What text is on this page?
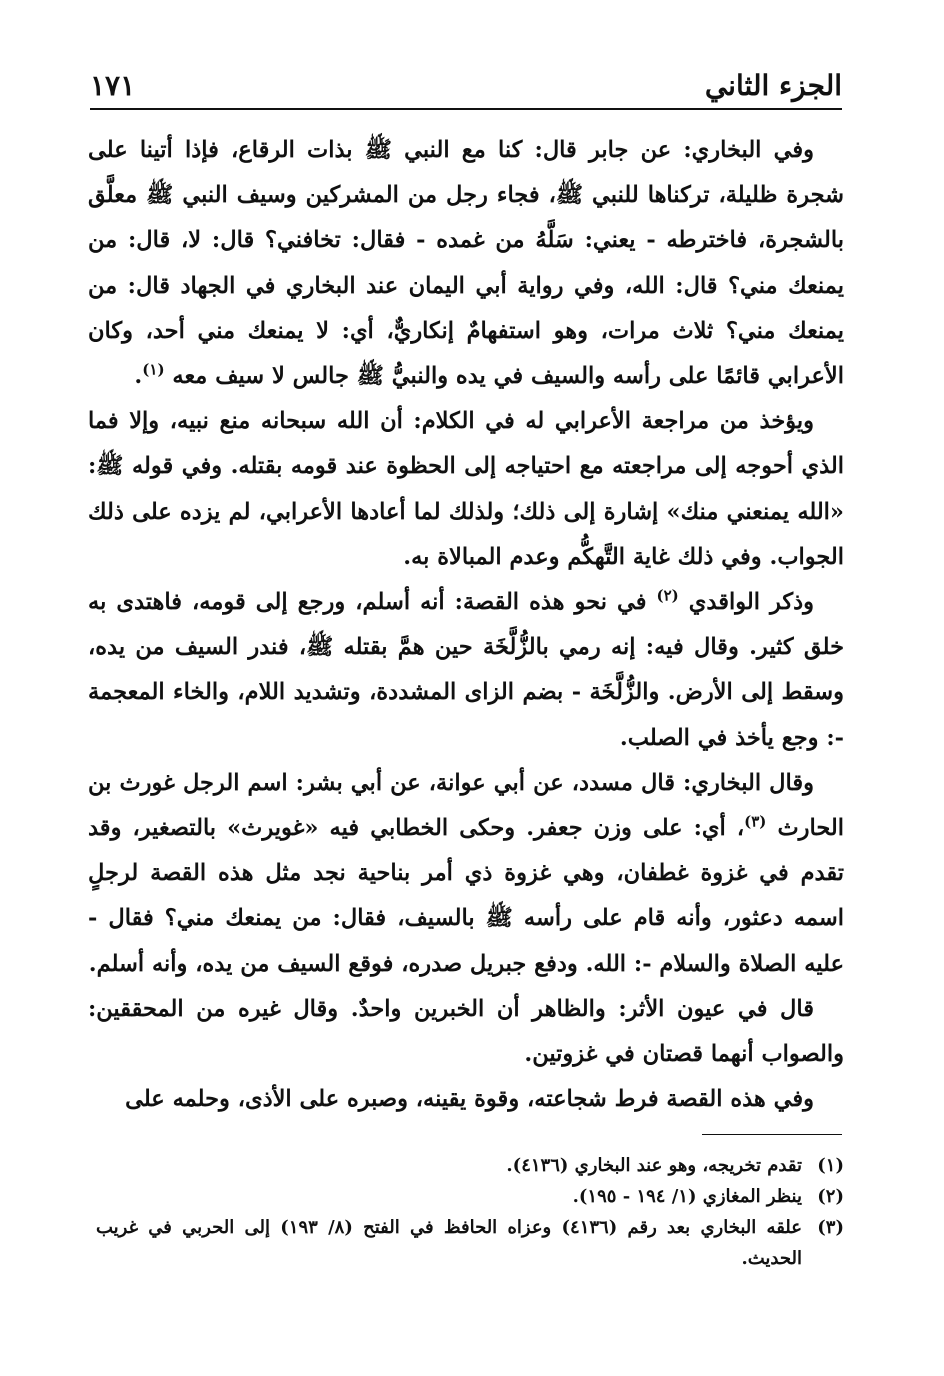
الجزء الثاني
١٧١

وفي البخاري: عن جابر قال: كنا مع النبي ﷺ بذات الرقاع، فإذا أتينا على شجرة ظليلة، تركناها للنبي ﷺ، فجاء رجل من المشركين وسيف النبي ﷺ معلَّق بالشجرة، فاخترطه - يعني: سَلَّهُ من غمده - فقال: تخافني؟ قال: لا، قال: من يمنعك مني؟ قال: الله، وفي رواية أبي اليمان عند البخاري في الجهاد قال: من يمنعك مني؟ ثلاث مرات، وهو استفهامٌ إنكاريٌّ، أي: لا يمنعك مني أحد، وكان الأعرابي قائمًا على رأسه والسيف في يده والنبيُّ ﷺ جالس لا سيف معه $^{(١)}$.

ويؤخذ من مراجعة الأعرابي له في الكلام: أن الله سبحانه منع نبيه، وإلا فما الذي أحوجه إلى مراجعته مع احتياجه إلى الحظوة عند قومه بقتله. وفي قوله ﷺ: «الله يمنعني منك» إشارة إلى ذلك؛ ولذلك لما أعادها الأعرابي، لم يزده على ذلك الجواب. وفي ذلك غاية التَّهكُّم وعدم المبالاة به.

وذكر الواقدي $^{(٢)}$ في نحو هذه القصة: أنه أسلم، ورجع إلى قومه، فاهتدى به خلق كثير. وقال فيه: إنه رمي بالزُّلَّخَة حين همَّ بقتله ﷺ، فندر السيف من يده، وسقط إلى الأرض. والزُّلَّخَة - بضم الزاى المشددة، وتشديد اللام، والخاء المعجمة -: وجع يأخذ في الصلب.

وقال البخاري: قال مسدد، عن أبي عوانة، عن أبي بشر: اسم الرجل غورث بن الحارث $^{(٣)}$، أي: على وزن جعفر. وحكى الخطابي فيه «غويرث» بالتصغير، وقد تقدم في غزوة غطفان، وهي غزوة ذي أمر بناحية نجد مثل هذه القصة لرجلٍ اسمه دعثور، وأنه قام على رأسه ﷺ بالسيف، فقال: من يمنعك مني؟ فقال - عليه الصلاة والسلام -: الله. ودفع جبريل صدره، فوقع السيف من يده، وأنه أسلم.

قال في عيون الأثر: والظاهر أن الخبرين واحدٌ. وقال غيره من المحققين: والصواب أنهما قصتان في غزوتين.

وفي هذه القصة فرط شجاعته، وقوة يقينه، وصبره على الأذى، وحلمه على

(١)
تقدم تخريجه، وهو عند البخاري (٤١٣٦).
(٢)
ينظر المغازي (١/ ١٩٤ - ١٩٥).
(٣)
علقه البخاري بعد رقم (٤١٣٦) وعزاه الحافظ في الفتح (٨/ ١٩٣) إلى الحربي في غريب الحديث.
